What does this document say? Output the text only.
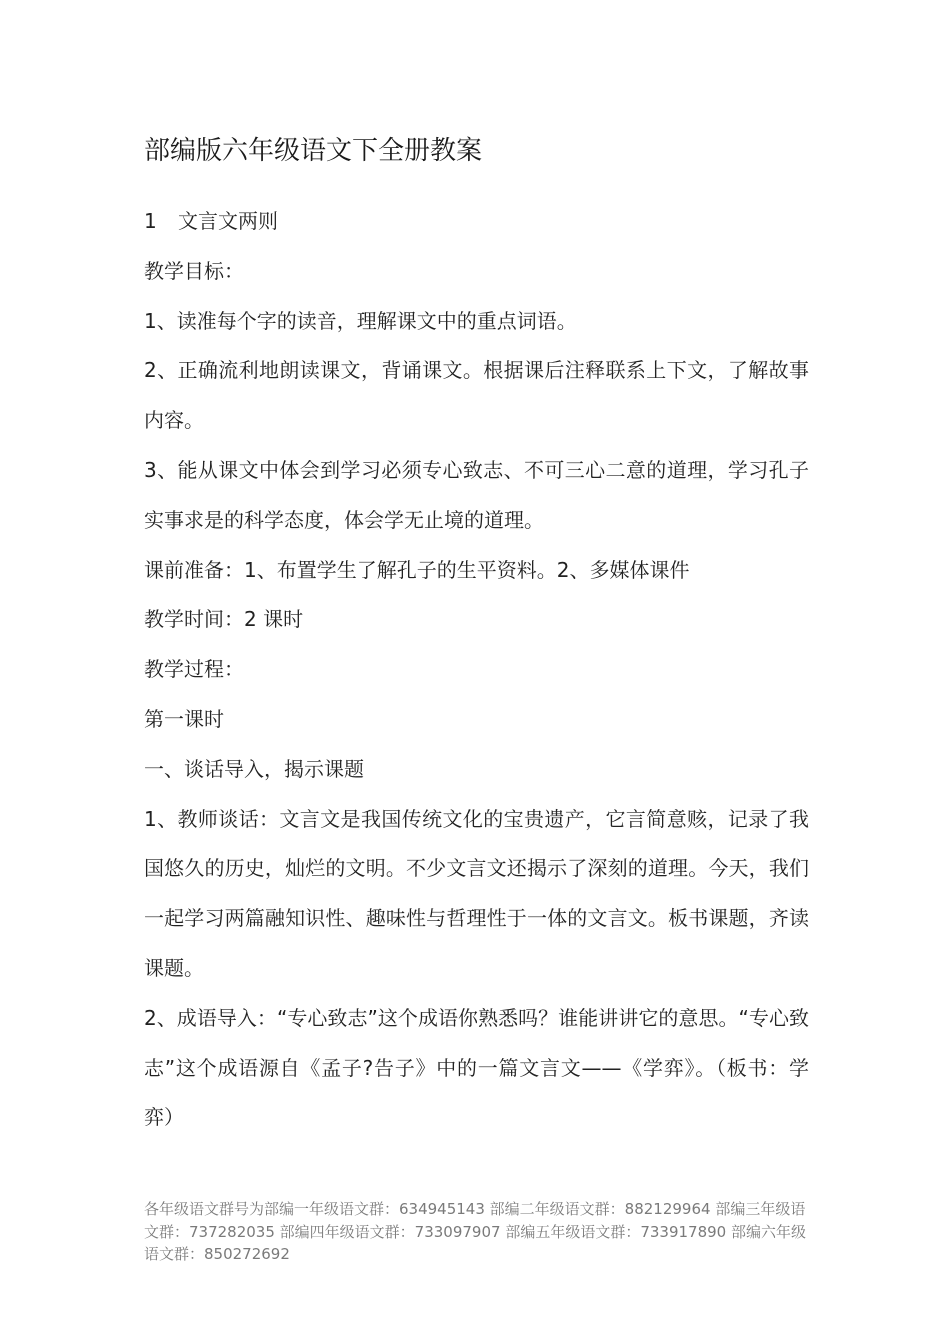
部编版六年级语文下全册教案

1 文言文两则

教学目标：

1、读准每个字的读音，理解课文中的重点词语。

2、正确流利地朗读课文，背诵课文。根据课后注释联系上下文，了解故事内容。

3、能从课文中体会到学习必须专心致志、不可三心二意的道理，学习孔子实事求是的科学态度，体会学无止境的道理。

课前准备：1、布置学生了解孔子的生平资料。2、多媒体课件

教学时间：2 课时

教学过程：

第一课时

一、谈话导入，揭示课题

1、教师谈话：文言文是我国传统文化的宝贵遗产，它言简意赅，记录了我国悠久的历史，灿烂的文明。不少文言文还揭示了深刻的道理。今天，我们一起学习两篇融知识性、趣味性与哲理性于一体的文言文。板书课题，齐读课题。

2、成语导入：“专心致志”这个成语你熟悉吗？谁能讲讲它的意思。“专心致志”这个成语源自《孟子?告子》中的一篇文言文——《学弈》。（板书：学弈）

各年级语文群号为部编一年级语文群：634945143 部编二年级语文群：882129964 部编三年级语文群：737282035 部编四年级语文群：733097907 部编五年级语文群：733917890 部编六年级语文群：850272692
